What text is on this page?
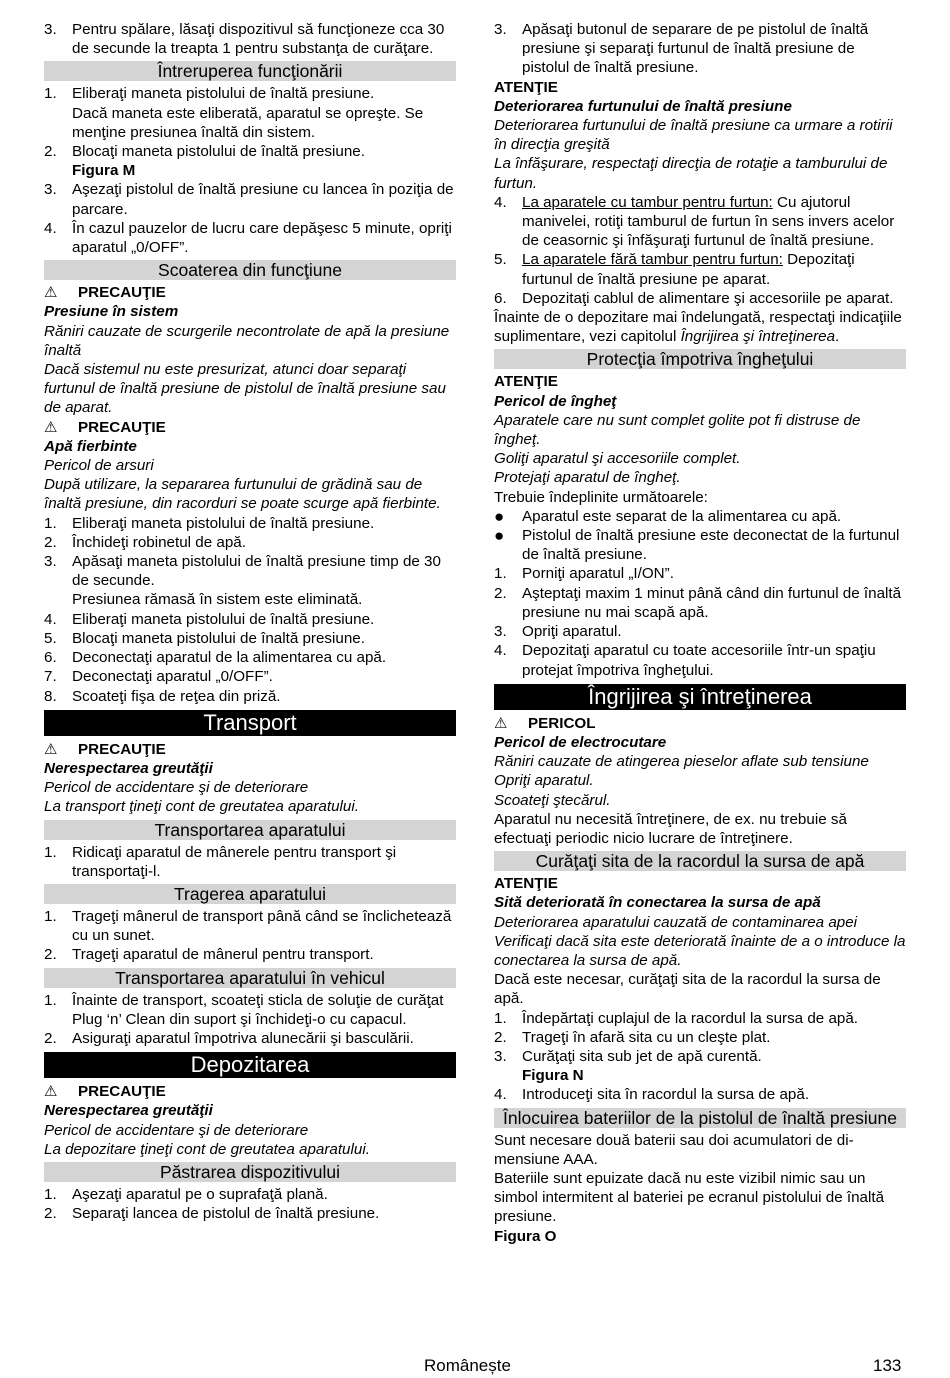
3.	Pentru spălare, lăsaţi dispozitivul să funcţioneze cca 30 de secunde la treapta 1 pentru substanţa de curăţare.
Întreruperea funcţionării
1.	Eliberaţi maneta pistolului de înaltă presiune.
Dacă maneta este eliberată, aparatul se opreşte. Se menţine presiunea înaltă din sistem.
2.	Blocaţi maneta pistolului de înaltă presiune.
Figura M
3.	Aşezaţi pistolul de înaltă presiune cu lancea în poziţia de parcare.
4.	În cazul pauzelor de lucru care depăşesc 5 minute, opriţi aparatul „0/OFF”.
Scoaterea din funcţiune
⚠	PRECAUŢIE
Presiune în sistem
Răniri cauzate de scurgerile necontrolate de apă la presiune înaltă
Dacă sistemul nu este presurizat, atunci doar separaţi furtunul de înaltă presiune de pistolul de înaltă presiune sau de aparat.
⚠	PRECAUŢIE
Apă fierbinte
Pericol de arsuri
După utilizare, la separarea furtunului de grădină sau de înaltă presiune, din racorduri se poate scurge apă fierbinte.
1.	Eliberaţi maneta pistolului de înaltă presiune.
2.	Închideţi robinetul de apă.
3.	Apăsaţi maneta pistolului de înaltă presiune timp de 30 de secunde.
Presiunea rămasă în sistem este eliminată.
4.	Eliberaţi maneta pistolului de înaltă presiune.
5.	Blocaţi maneta pistolului de înaltă presiune.
6.	Deconectaţi aparatul de la alimentarea cu apă.
7.	Deconectaţi aparatul „0/OFF”.
8.	Scoateţi fişa de reţea din priză.
Transport
⚠	PRECAUŢIE
Nerespectarea greutăţii
Pericol de accidentare şi de deteriorare
La transport ţineţi cont de greutatea aparatului.
Transportarea aparatului
1.	Ridicaţi aparatul de mânerele pentru transport şi transportaţi-l.
Tragerea aparatului
1.	Trageţi mânerul de transport până când se înclichetează cu un sunet.
2.	Trageţi aparatul de mânerul pentru transport.
Transportarea aparatului în vehicul
1.	Înainte de transport, scoateţi sticla de soluţie de curăţat Plug ‘n’ Clean din suport şi închideţi-o cu capacul.
2.	Asiguraţi aparatul împotriva alunecării şi basculării.
Depozitarea
⚠	PRECAUŢIE
Nerespectarea greutăţii
Pericol de accidentare şi de deteriorare
La depozitare ţineţi cont de greutatea aparatului.
Păstrarea dispozitivului
1.	Aşezaţi aparatul pe o suprafaţă plană.
2.	Separaţi lancea de pistolul de înaltă presiune.
3.	Apăsaţi butonul de separare de pe pistolul de înaltă presiune şi separaţi furtunul de înaltă presiune de pistolul de înaltă presiune.
ATENŢIE
Deteriorarea furtunului de înaltă presiune
Deteriorarea furtunului de înaltă presiune ca urmare a rotirii în direcţia greşită
La înfăşurare, respectaţi direcţia de rotaţie a tamburului de furtun.
4.	La aparatele cu tambur pentru furtun: Cu ajutorul manivelei, rotiţi tamburul de furtun în sens invers acelor de ceasornic şi înfăşuraţi furtunul de înaltă presiune.
5.	La aparatele fără tambur pentru furtun: Depozitaţi furtunul de înaltă presiune pe aparat.
6.	Depozitaţi cablul de alimentare şi accesoriile pe aparat.
Înainte de o depozitare mai îndelungată, respectaţi indicaţiile suplimentare, vezi capitolul Îngrijirea şi întreţinerea.
Protecţia împotriva îngheţului
ATENŢIE
Pericol de îngheţ
Aparatele care nu sunt complet golite pot fi distruse de îngheţ.
Goliţi aparatul şi accesoriile complet.
Protejaţi aparatul de îngheţ.
Trebuie îndeplinite următoarele:
●	Aparatul este separat de la alimentarea cu apă.
●	Pistolul de înaltă presiune este deconectat de la furtunul de înaltă presiune.
1.	Porniţi aparatul „I/ON”.
2.	Aşteptaţi maxim 1 minut până când din furtunul de înaltă presiune nu mai scapă apă.
3.	Opriţi aparatul.
4.	Depozitaţi aparatul cu toate accesoriile într-un spaţiu protejat împotriva îngheţului.
Îngrijirea şi întreţinerea
⚠	PERICOL
Pericol de electrocutare
Răniri cauzate de atingerea pieselor aflate sub tensiune
Opriţi aparatul.
Scoateţi ştecărul.
Aparatul nu necesită întreţinere, de ex. nu trebuie să efectuaţi periodic nicio lucrare de întreţinere.
Curăţaţi sita de la racordul la sursa de apă
ATENŢIE
Sită deteriorată în conectarea la sursa de apă
Deteriorarea aparatului cauzată de contaminarea apei
Verificaţi dacă sita este deteriorată înainte de a o introduce la conectarea la sursa de apă.
Dacă este necesar, curăţaţi sita de la racordul la sursa de apă.
1.	Îndepărtaţi cuplajul de la racordul la sursa de apă.
2.	Trageţi în afară sita cu un cleşte plat.
3.	Curăţaţi sita sub jet de apă curentă.
Figura N
4.	Introduceţi sita în racordul la sursa de apă.
Înlocuirea bateriilor de la pistolul de înaltă presiune
Sunt necesare două baterii sau doi acumulatori de dimensiune AAA.
Bateriile sunt epuizate dacă nu este vizibil nimic sau un simbol intermitent al bateriei pe ecranul pistolului de înaltă presiune.
Figura O
Românește	133
